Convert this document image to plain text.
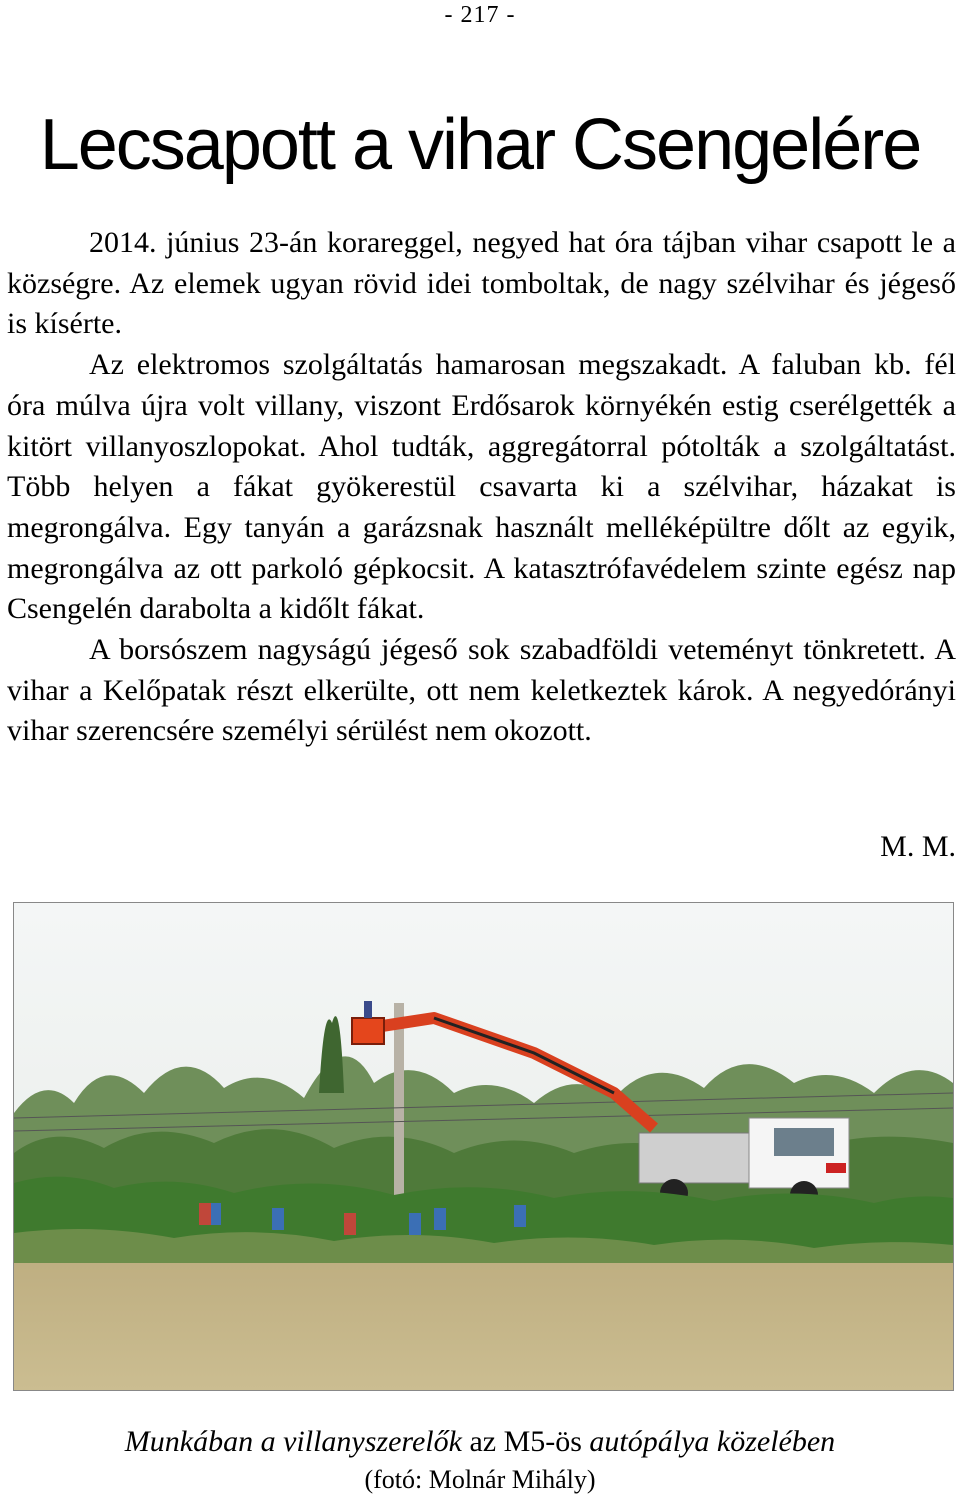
- 217 -
Lecsapott a vihar Csengelére

2014. június 23-án korareggel, negyed hat óra tájban vihar csapott le a községre. Az elemek ugyan rövid idei tomboltak, de nagy szélvihar és jégeső is kísérte.

Az elektromos szolgáltatás hamarosan megszakadt. A faluban kb. fél óra múlva újra volt villany, viszont Erdősarok környékén estig cserélgették a kitört villanyoszlopokat. Ahol tudták, aggregátorral pótolták a szolgáltatást. Több helyen a fákat gyökerestül csavarta ki a szélvihar, házakat is megrongálva. Egy tanyán a garázsnak használt melléképültre dőlt az egyik, megrongálva az ott parkoló gépkocsit. A katasztrófavédelem szinte egész nap Csengelén darabolta a kidőlt fákat.

A borsószem nagyságú jégeső sok szabadföldi veteményt tönkretett. A vihar a Kelőpatak részt elkerülte, ott nem keletkeztek károk. A negyedórányi vihar szerencsére személyi sérülést nem okozott.

M. M.
Munkában a villanyszerelők az M5-ös autópálya közelében
(fotó: Molnár Mihály)
